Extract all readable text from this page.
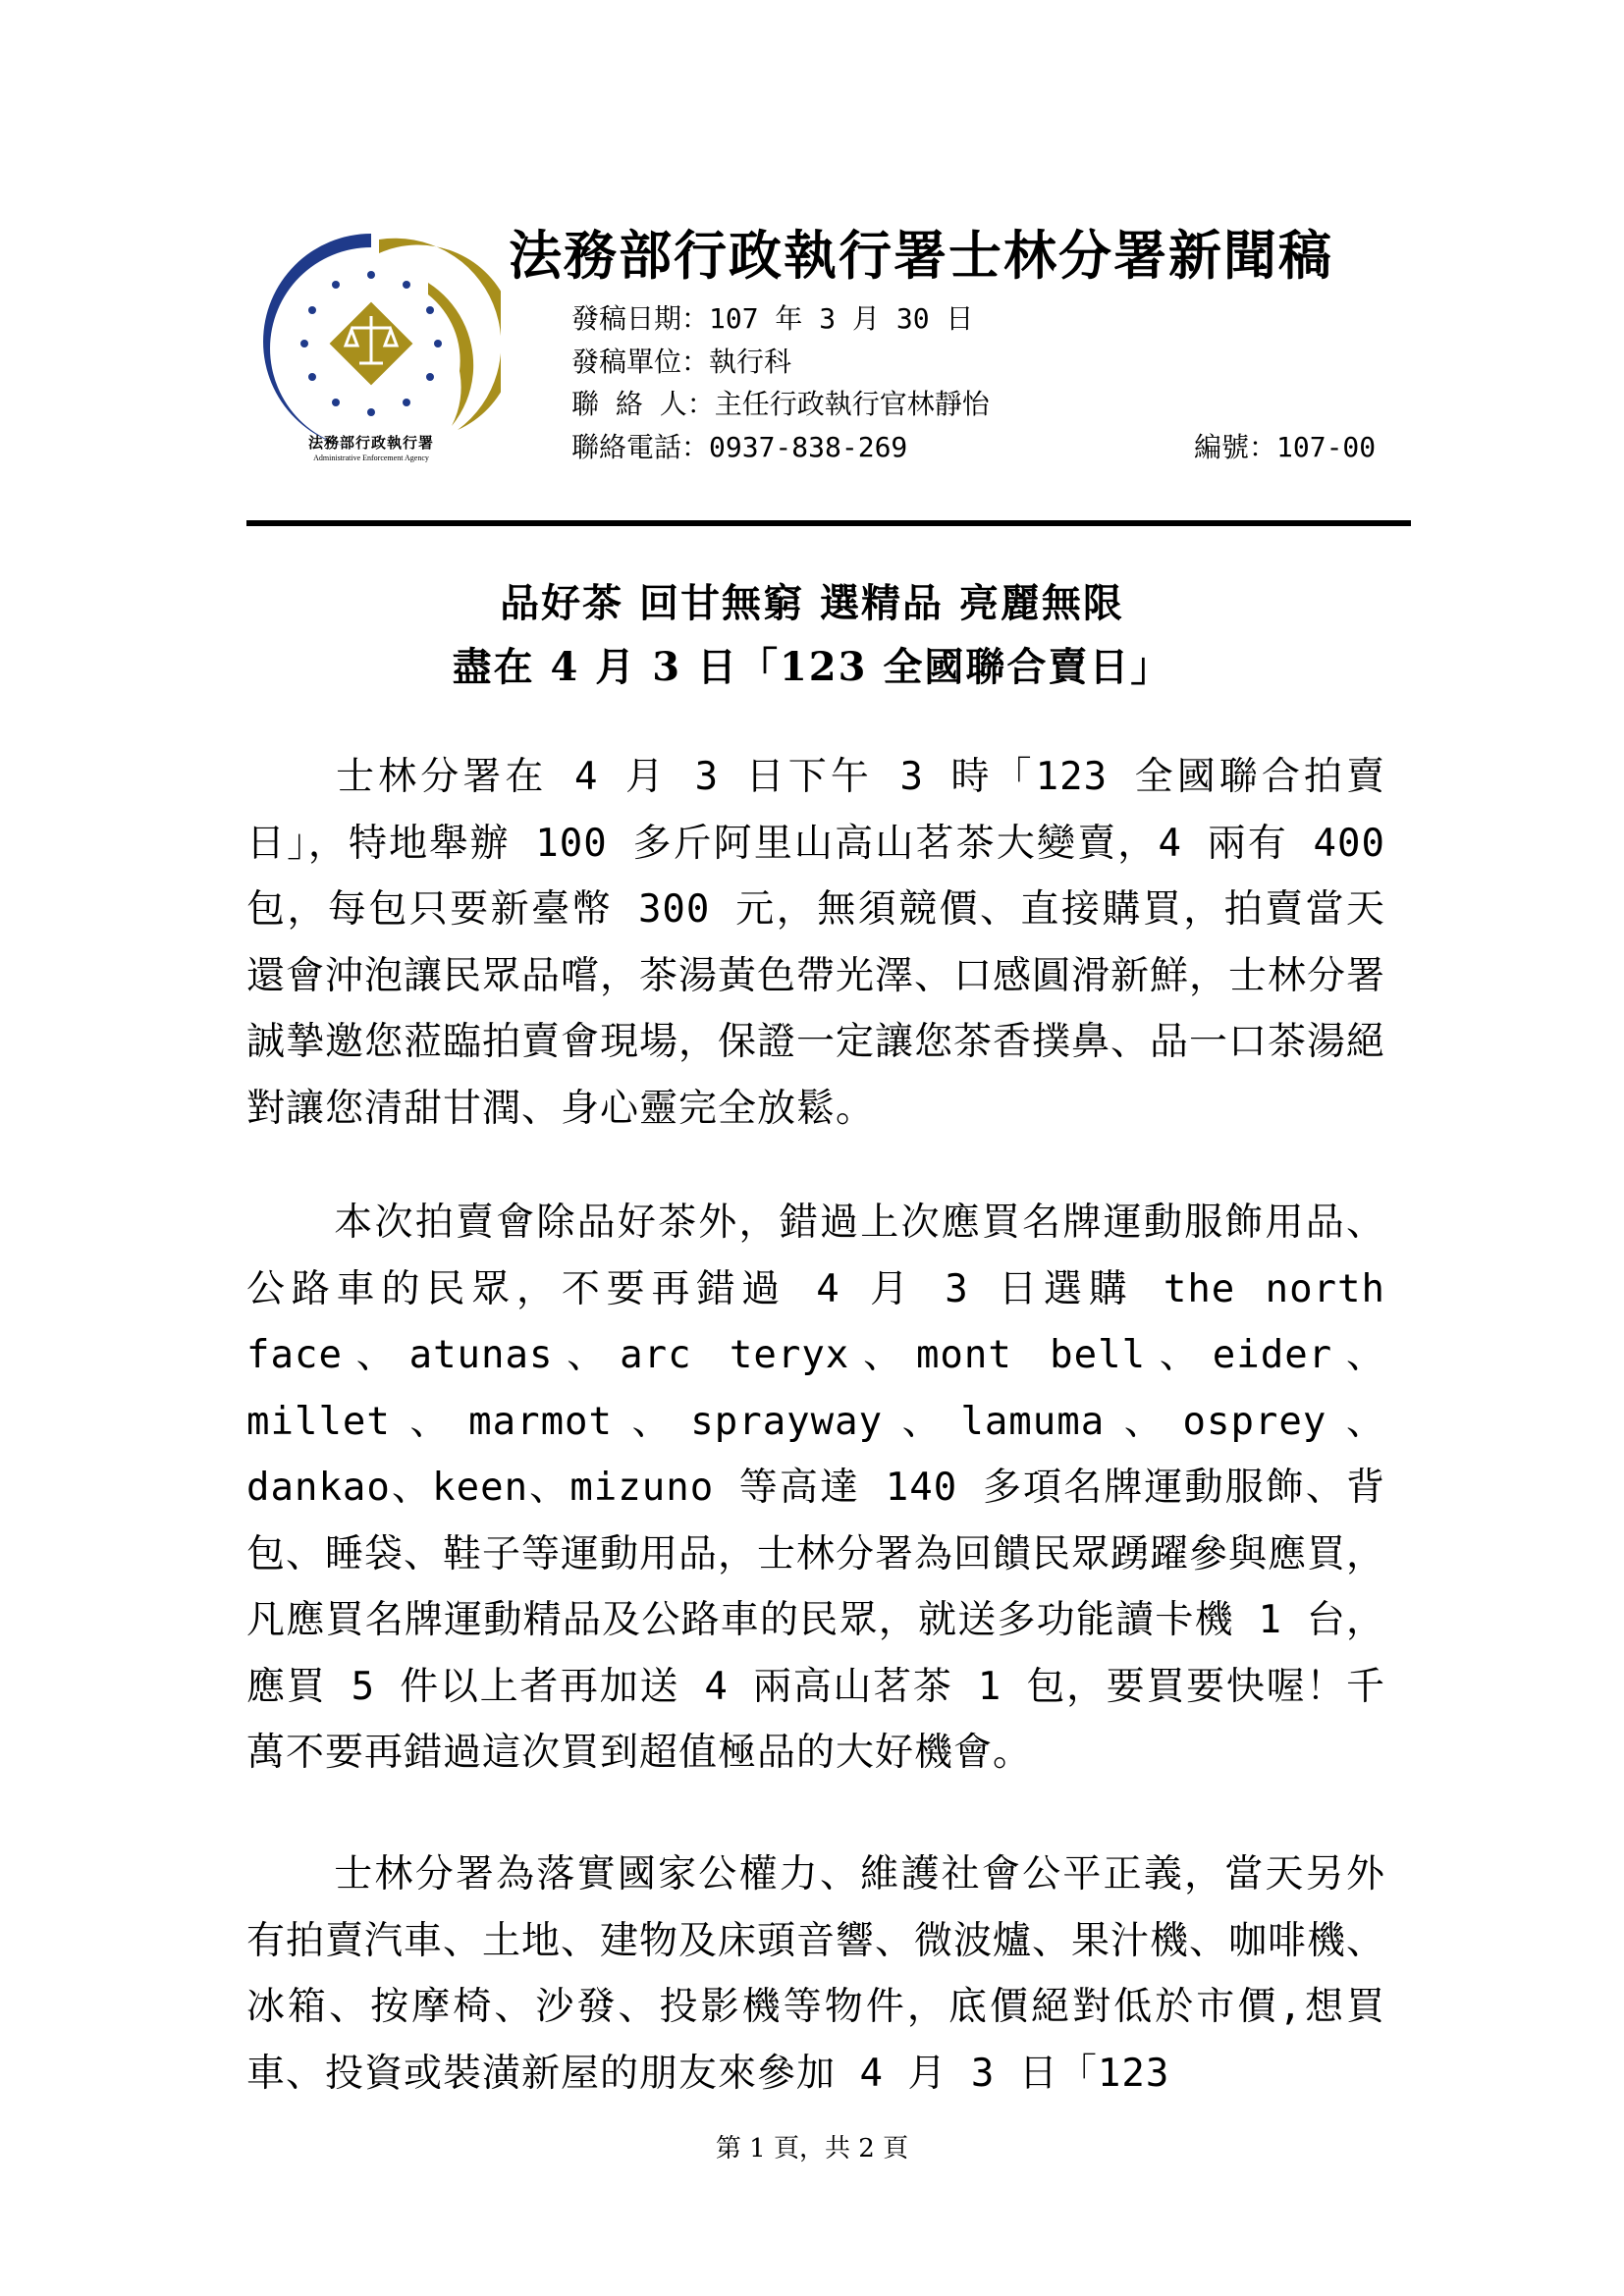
法務部行政執行署
Administrative Enforcement Agency
法務部行政執行署士林分署新聞稿
發稿日期：107 年 3 月 30 日
發稿單位：執行科
聯 絡 人：主任行政執行官林靜怡
聯絡電話：0937-838-269	編號：107-00
品好茶 回甘無窮 選精品 亮麗無限
盡在 4 月 3 日「123 全國聯合賣日」
士林分署在 4 月 3 日下午 3 時「123 全國聯合拍賣日」，特地舉辦 100 多斤阿里山高山茗茶大變賣，4 兩有 400 包，每包只要新臺幣 300 元，無須競價、直接購買，拍賣當天還會沖泡讓民眾品嚐，茶湯黃色帶光澤、口感圓滑新鮮，士林分署誠摯邀您蒞臨拍賣會現場，保證一定讓您茶香撲鼻、品一口茶湯絕對讓您清甜甘潤、身心靈完全放鬆。
本次拍賣會除品好茶外，錯過上次應買名牌運動服飾用品、公路車的民眾，不要再錯過 4 月 3 日選購 the north face、atunas、arc teryx、mont bell、eider、millet、marmot、sprayway、lamuma、osprey、dankao、keen、mizuno 等高達 140 多項名牌運動服飾、背包、睡袋、鞋子等運動用品，士林分署為回饋民眾踴躍參與應買，凡應買名牌運動精品及公路車的民眾，就送多功能讀卡機 1 台，應買 5 件以上者再加送 4 兩高山茗茶 1 包，要買要快喔！千萬不要再錯過這次買到超值極品的大好機會。
士林分署為落實國家公權力、維護社會公平正義，當天另外有拍賣汽車、土地、建物及床頭音響、微波爐、果汁機、咖啡機、冰箱、按摩椅、沙發、投影機等物件，底價絕對低於市價,想買車、投資或裝潢新屋的朋友來參加 4 月 3 日「123
第 1 頁，共 2 頁
